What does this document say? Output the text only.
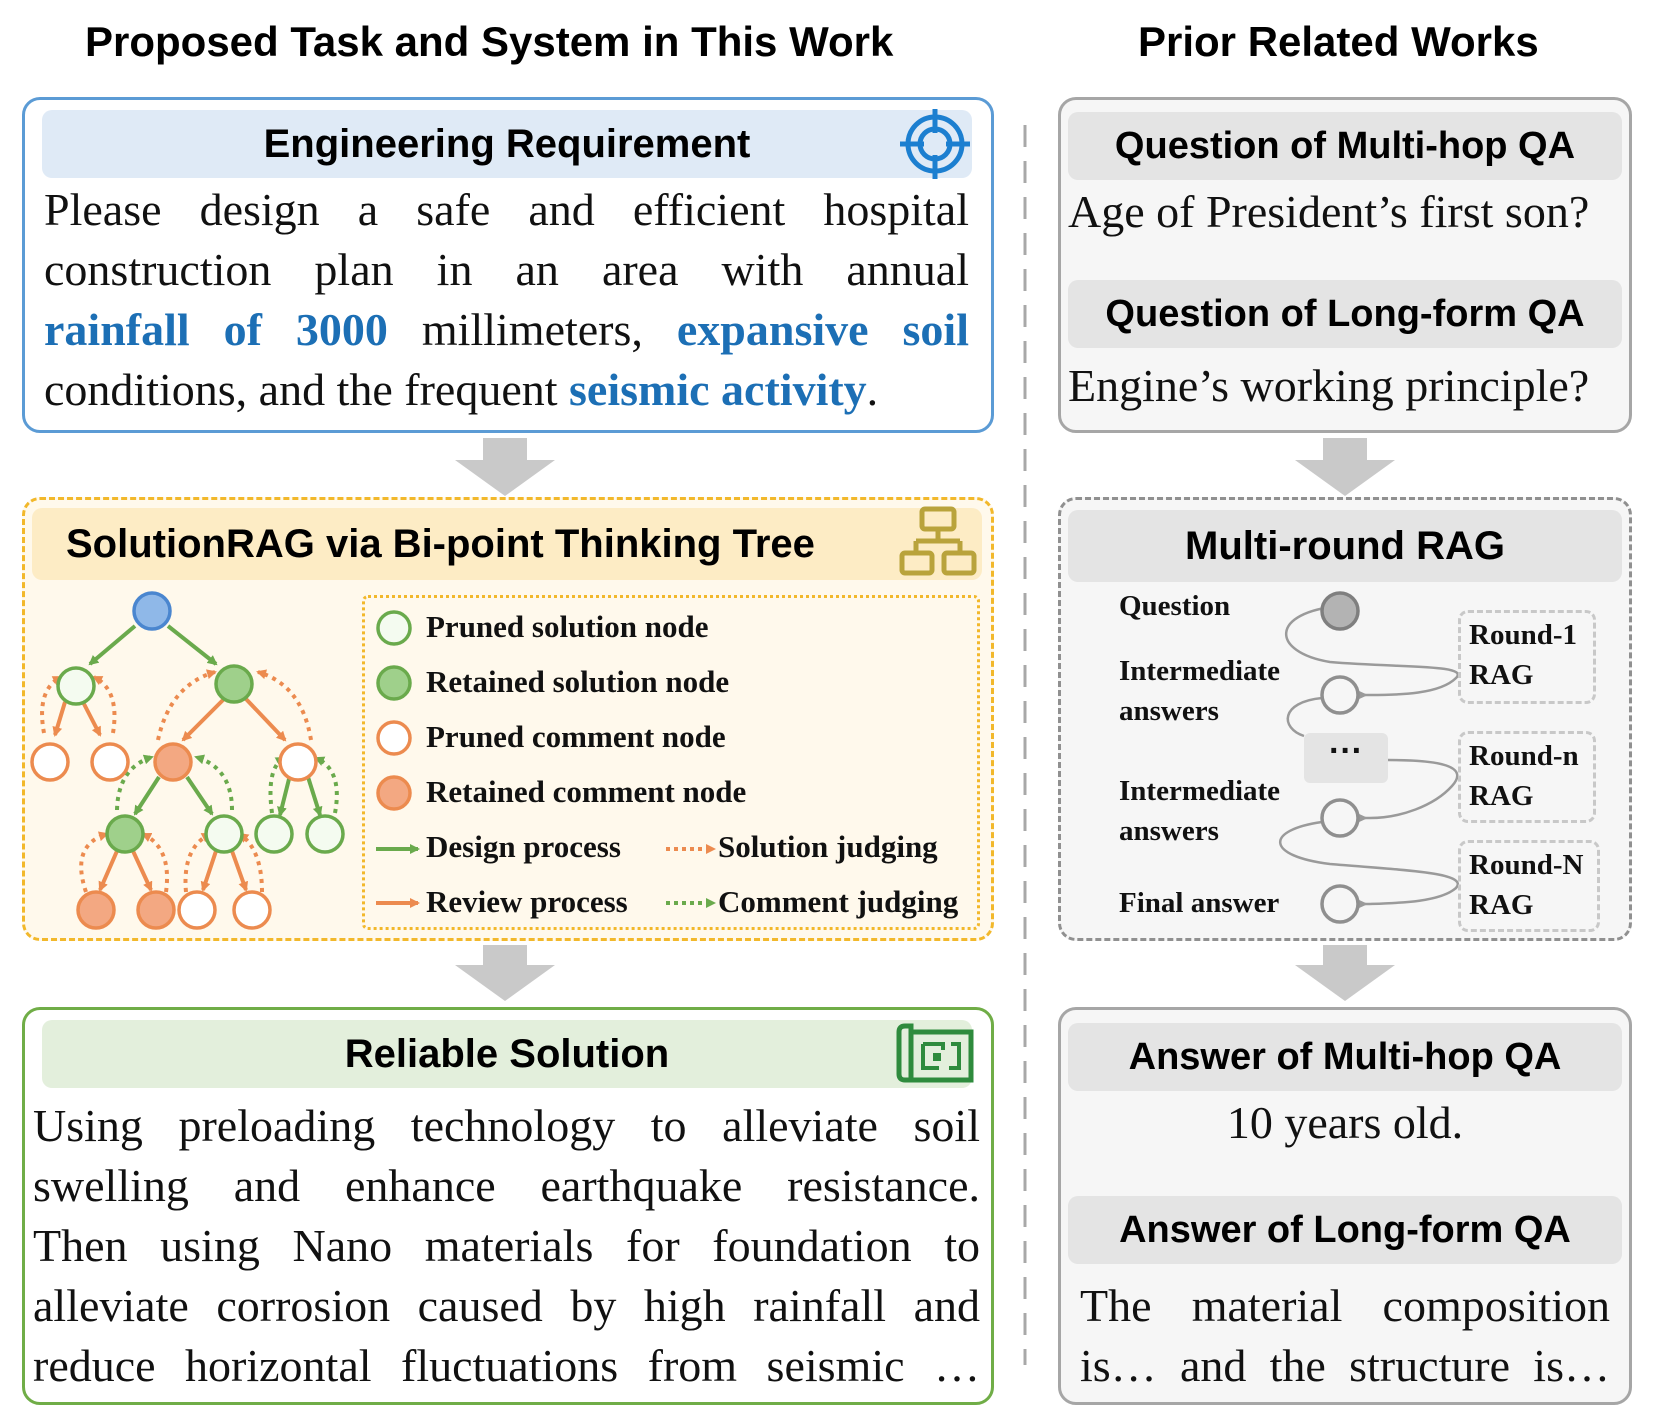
Proposed Task and System in This Work	Prior Related Works
Engineering Requirement
Please design a safe and efficient hospital
construction plan in an area with annual
rainfall of 3000 millimeters, expansive soil
conditions, and the frequent seismic activity.
SolutionRAG via Bi-point Thinking Tree
Pruned solution node
Retained solution node
Pruned comment node
Retained comment node
Design process
Review process
Solution judging
Comment judging
Reliable Solution
Using preloading technology to alleviate soil
swelling and enhance earthquake resistance.
Then using Nano materials for foundation to
alleviate corrosion caused by high rainfall and
reduce horizontal fluctuations from seismic …
Question of Multi-hop QA
Age of President’s first son?
Question of Long-form QA
Engine’s working principle?
Multi-round RAG
Question
Intermediate
answers
Intermediate
answers
Final answer
···
Round-1
RAG
Round-n
RAG
Round-N
RAG
Answer of Multi-hop QA
10 years old.
Answer of Long-form QA
The material composition
is… and the structure is…
